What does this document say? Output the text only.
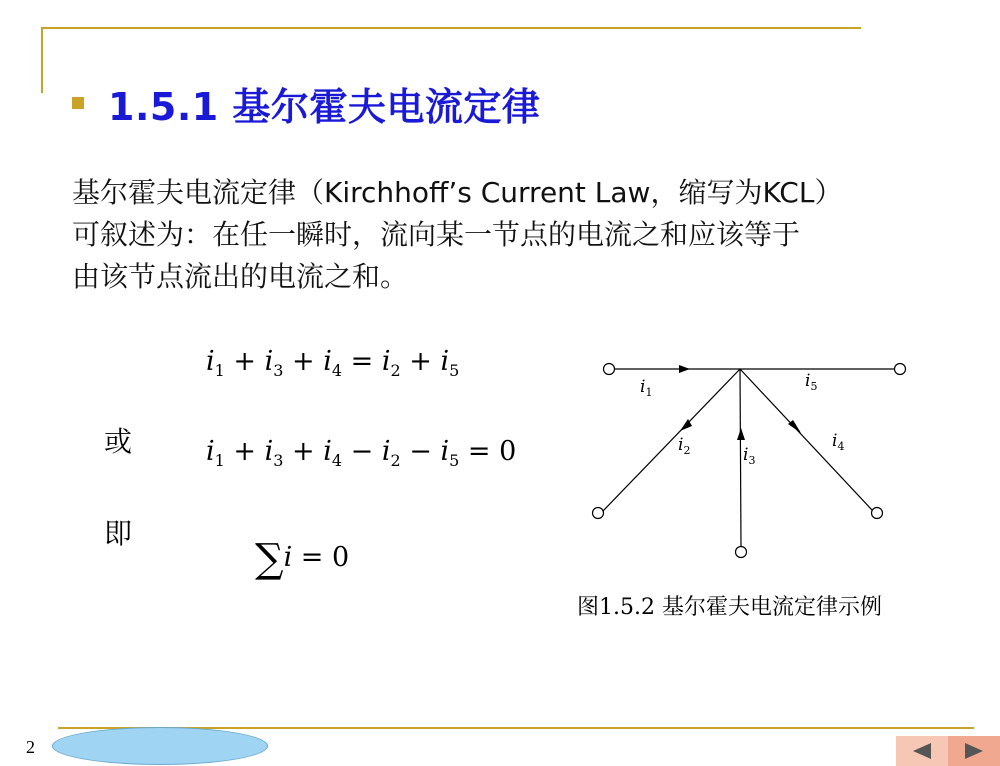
1.5.1 基尔霍夫电流定律
基尔霍夫电流定律（Kirchhoff’s Current Law，缩写为KCL）
可叙述为：在任一瞬时，流向某一节点的电流之和应该等于
由该节点流出的电流之和。
$i_1 + i_3 + i_4 = i_2 + i_5$
或	$i_1 + i_3 + i_4 - i_2 - i_5 = 0$
即
∑i = 0
$i_1$
$i_5$
$i_2$	$i_3$
$i_4$
图1.5.2 基尔霍夫电流定律示例
2
